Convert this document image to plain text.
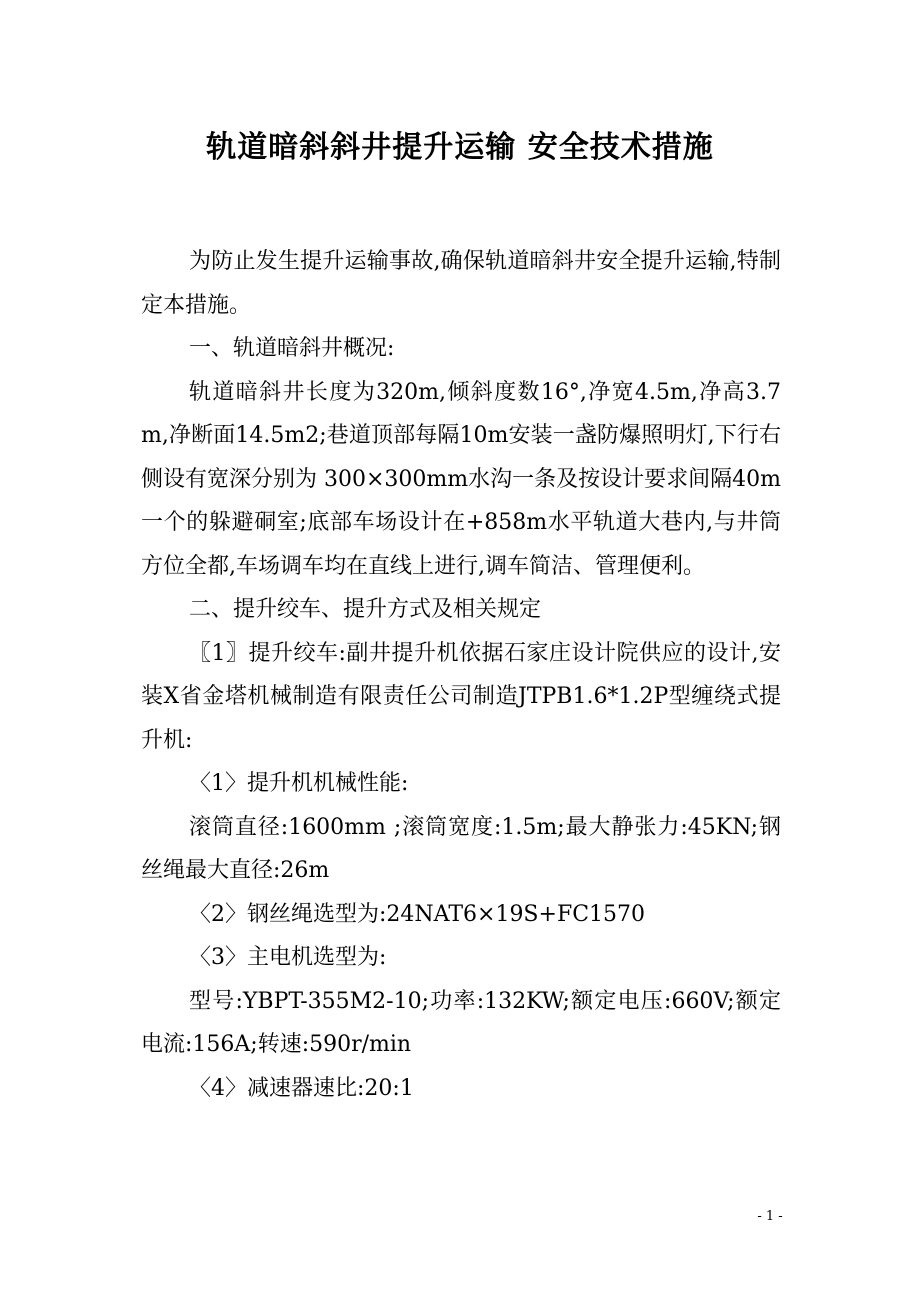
轨道暗斜斜井提升运输 安全技术措施

为防止发生提升运输事故,确保轨道暗斜井安全提升运输,特制定本措施。

一、轨道暗斜井概况:

轨道暗斜井长度为320m,倾斜度数16°,净宽4.5m,净高3.7m,净断面14.5m2;巷道顶部每隔10m安装一盏防爆照明灯,下行右侧设有宽深分别为 300×300mm水沟一条及按设计要求间隔40m一个的躲避硐室;底部车场设计在+858m水平轨道大巷内,与井筒方位全都,车场调车均在直线上进行,调车简洁、管理便利。

二、提升绞车、提升方式及相关规定

〖1〗提升绞车:副井提升机依据石家庄设计院供应的设计,安装X省金塔机械制造有限责任公司制造JTPB1.6*1.2P型缠绕式提升机:

〈1〉提升机机械性能:

滚筒直径:1600mm ;滚筒宽度:1.5m;最大静张力:45KN;钢丝绳最大直径:26m

〈2〉钢丝绳选型为:24NAT6×19S+FC1570

〈3〉主电机选型为:

型号:YBPT-355M2-10;功率:132KW;额定电压:660V;额定电流:156A;转速:590r/min

〈4〉减速器速比:20:1

- 1 -
